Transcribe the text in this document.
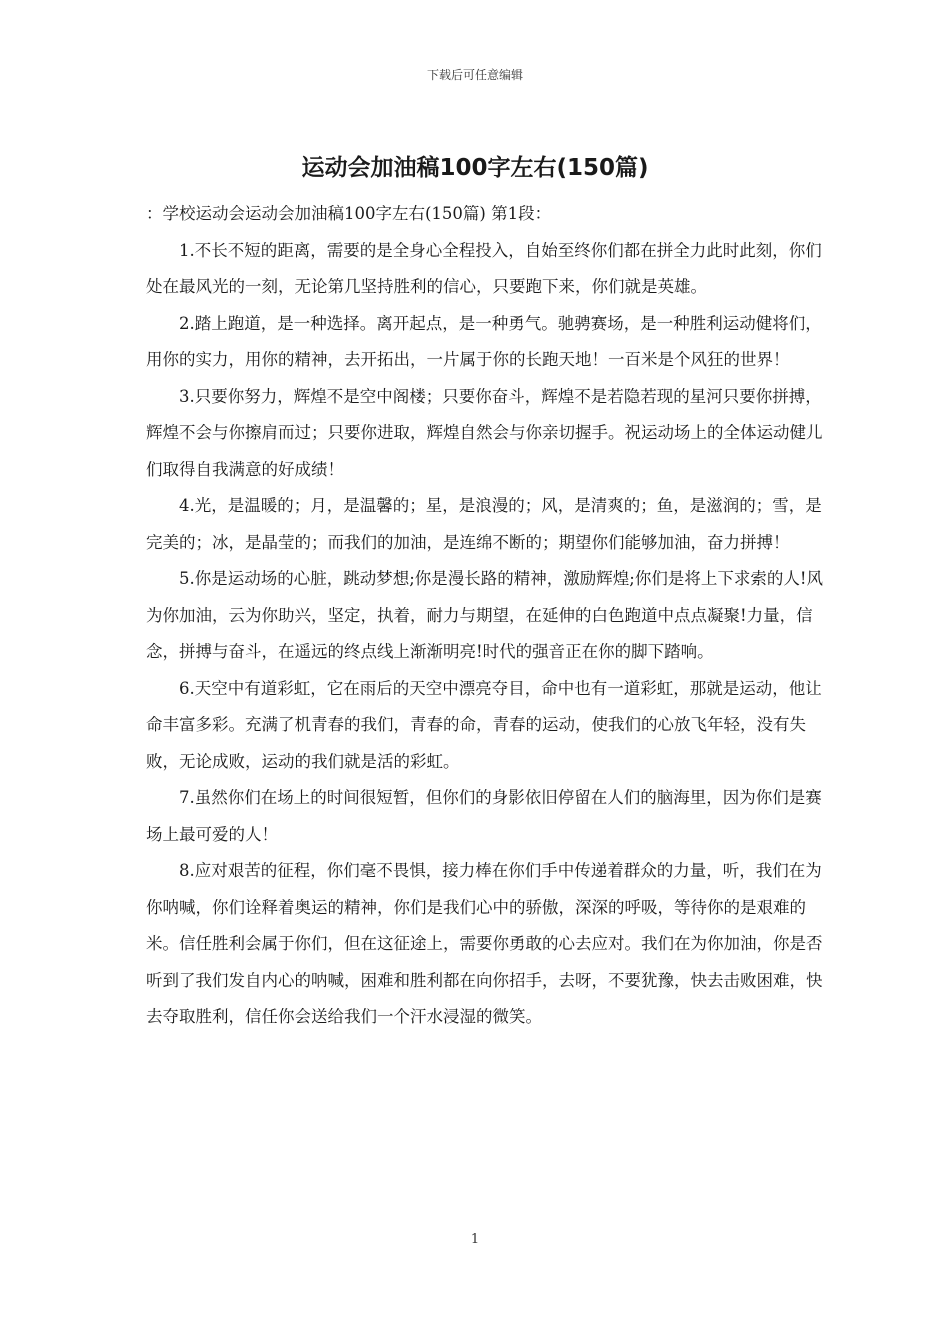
下载后可任意编辑
运动会加油稿100字左右(150篇)

：学校运动会运动会加油稿100字左右(150篇) 第1段：

1.不长不短的距离，需要的是全身心全程投入，自始至终你们都在拼全力此时此刻，你们处在最风光的一刻，无论第几坚持胜利的信心，只要跑下来，你们就是英雄。

2.踏上跑道，是一种选择。离开起点，是一种勇气。驰骋赛场，是一种胜利运动健将们，用你的实力，用你的精神，去开拓出，一片属于你的长跑天地！一百米是个风狂的世界！

3.只要你努力，辉煌不是空中阁楼；只要你奋斗，辉煌不是若隐若现的星河只要你拼搏，辉煌不会与你擦肩而过；只要你进取，辉煌自然会与你亲切握手。祝运动场上的全体运动健儿们取得自我满意的好成绩！

4.光，是温暖的；月，是温馨的；星，是浪漫的；风，是清爽的；鱼，是滋润的；雪，是完美的；冰，是晶莹的；而我们的加油，是连绵不断的；期望你们能够加油，奋力拼搏！

5.你是运动场的心脏，跳动梦想;你是漫长路的精神，激励辉煌;你们是将上下求索的人!风为你加油，云为你助兴，坚定，执着，耐力与期望，在延伸的白色跑道中点点凝聚!力量，信念，拼搏与奋斗，在遥远的终点线上渐渐明亮!时代的强音正在你的脚下踏响。

6.天空中有道彩虹，它在雨后的天空中漂亮夺目，命中也有一道彩虹，那就是运动，他让命丰富多彩。充满了机青春的我们，青春的命，青春的运动，使我们的心放飞年轻，没有失败，无论成败，运动的我们就是活的彩虹。

7.虽然你们在场上的时间很短暂，但你们的身影依旧停留在人们的脑海里，因为你们是赛场上最可爱的人！

8.应对艰苦的征程，你们毫不畏惧，接力棒在你们手中传递着群众的力量，听，我们在为你呐喊，你们诠释着奥运的精神，你们是我们心中的骄傲，深深的呼吸，等待你的是艰难的米。信任胜利会属于你们，但在这征途上，需要你勇敢的心去应对。我们在为你加油，你是否听到了我们发自内心的呐喊，困难和胜利都在向你招手，去呀，不要犹豫，快去击败困难，快去夺取胜利，信任你会送给我们一个汗水浸湿的微笑。

1
